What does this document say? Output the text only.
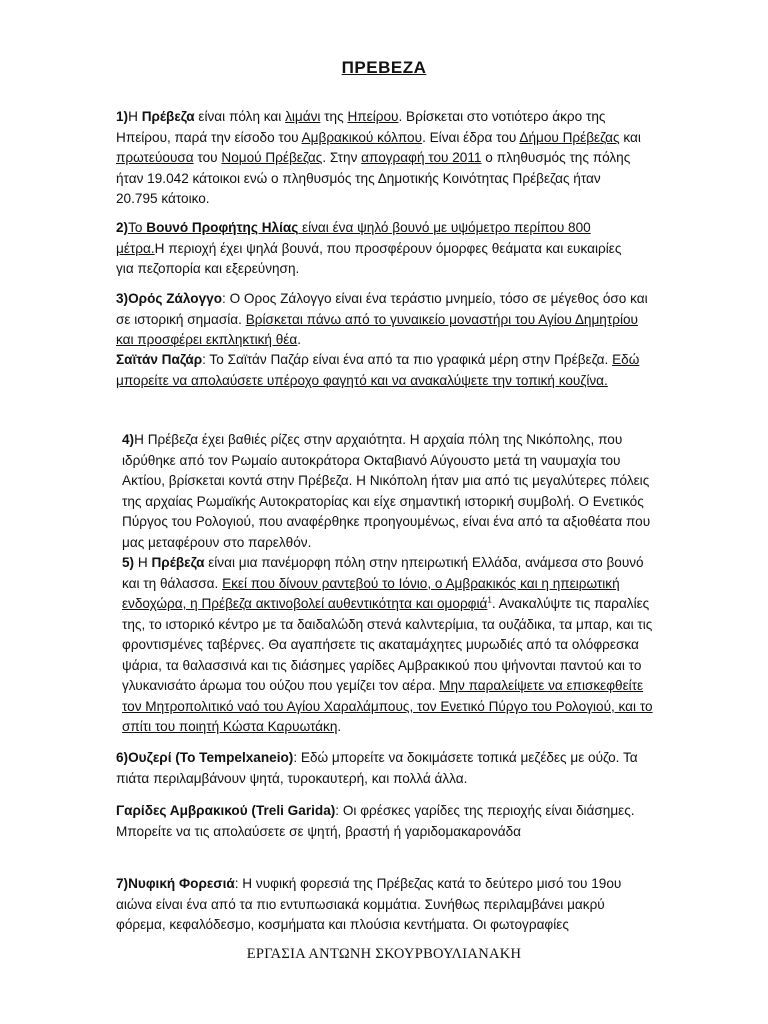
ΠΡΕΒΕΖΑ

1)Η Πρέβεζα είναι πόλη και λιμάνι της Ηπείρου. Βρίσκεται στο νοτιότερο άκρο της Ηπείρου, παρά την είσοδο του Αμβρακικού κόλπου. Είναι έδρα του Δήμου Πρέβεζας και πρωτεύουσα του Νομού Πρέβεζας. Στην απογραφή του 2011 ο πληθυσμός της πόλης ήταν 19.042 κάτοικοι ενώ ο πληθυσμός της Δημοτικής Κοινότητας Πρέβεζας ήταν 20.795 κάτοικο.

2)Το Βουνό Προφήτης Ηλίας είναι ένα ψηλό βουνό με υψόμετρο περίπου 800 μέτρα.Η περιοχή έχει ψηλά βουνά, που προσφέρουν όμορφες θεάματα και ευκαιρίες για πεζοπορία και εξερεύνηση.

3)Ορός Ζάλογγο: Ο Ορος Ζάλογγο είναι ένα τεράστιο μνημείο, τόσο σε μέγεθος όσο και σε ιστορική σημασία. Βρίσκεται πάνω από το γυναικείο μοναστήρι του Αγίου Δημητρίου και προσφέρει εκπληκτική θέα.

Σαϊτάν Παζάρ: Το Σαϊτάν Παζάρ είναι ένα από τα πιο γραφικά μέρη στην Πρέβεζα. Εδώ μπορείτε να απολαύσετε υπέροχο φαγητό και να ανακαλύψετε την τοπική κουζίνα.

4)Η Πρέβεζα έχει βαθιές ρίζες στην αρχαιότητα. Η αρχαία πόλη της Νικόπολης, που ιδρύθηκε από τον Ρωμαίο αυτοκράτορα Οκταβιανό Αύγουστο μετά τη ναυμαχία του Ακτίου, βρίσκεται κοντά στην Πρέβεζα. Η Νικόπολη ήταν μια από τις μεγαλύτερες πόλεις της αρχαίας Ρωμαϊκής Αυτοκρατορίας και είχε σημαντική ιστορική συμβολή. Ο Ενετικός Πύργος του Ρολογιού, που αναφέρθηκε προηγουμένως, είναι ένα από τα αξιοθέατα που μας μεταφέρουν στο παρελθόν.

5) Η Πρέβεζα είναι μια πανέμορφη πόλη στην ηπειρωτική Ελλάδα, ανάμεσα στο βουνό και τη θάλασσα. Εκεί που δίνουν ραντεβού το Ιόνιο, ο Αμβρακικός και η ηπειρωτική ενδοχώρα, η Πρέβεζα ακτινοβολεί αυθεντικότητα και ομορφιά$^1$. Ανακαλύψτε τις παραλίες της, το ιστορικό κέντρο με τα δαιδαλώδη στενά καλντερίμια, τα ουζάδικα, τα μπαρ, και τις φροντισμένες ταβέρνες. Θα αγαπήσετε τις ακαταμάχητες μυρωδιές από τα ολόφρεσκα ψάρια, τα θαλασσινά και τις διάσημες γαρίδες Αμβρακικού που ψήνονται παντού και το γλυκανισάτο άρωμα του ούζου που γεμίζει τον αέρα. Μην παραλείψετε να επισκεφθείτε τον Μητροπολιτικό ναό του Αγίου Χαραλάμπους, τον Ενετικό Πύργο του Ρολογιού, και το σπίτι του ποιητή Κώστα Καρυωτάκη.

6)Ουζερί (Το Tempelxaneio): Εδώ μπορείτε να δοκιμάσετε τοπικά μεζέδες με ούζο. Τα πιάτα περιλαμβάνουν ψητά, τυροκαυτερή, και πολλά άλλα.

Γαρίδες Αμβρακικού (Treli Garida): Οι φρέσκες γαρίδες της περιοχής είναι διάσημες. Μπορείτε να τις απολαύσετε σε ψητή, βραστή ή γαριδομακαρονάδα

7)Νυφική Φορεσιά: Η νυφική φορεσιά της Πρέβεζας κατά το δεύτερο μισό του 19ου αιώνα είναι ένα από τα πιο εντυπωσιακά κομμάτια. Συνήθως περιλαμβάνει μακρύ φόρεμα, κεφαλόδεσμο, κοσμήματα και πλούσια κεντήματα. Οι φωτογραφίες

ΕΡΓΑΣΙΑ ΑΝΤΩΝΗ ΣΚΟΥΡΒΟΥΛΙΑΝΑΚΗ
